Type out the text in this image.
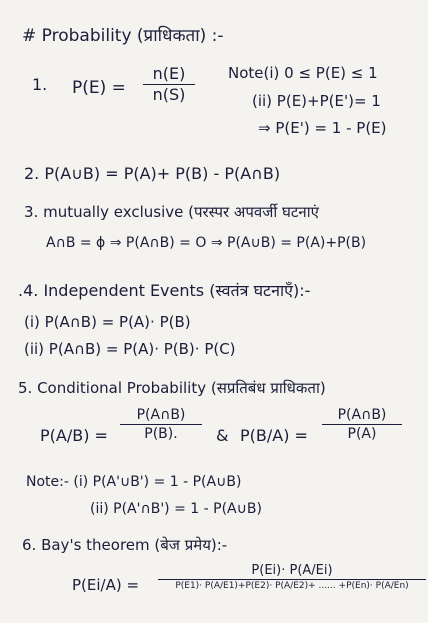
# Probability (प्राधिकता) :-
1. P(E) =
n(E)
n(S)
Note(i) 0 ≤ P(E) ≤ 1
(ii) P(E)+P(E')= 1
⇒ P(E') = 1 - P(E)
2. P(A∪B) = P(A)+ P(B) - P(A∩B)
3. mutually exclusive (परस्पर अपवर्जी घटनाएं
A∩B = ϕ ⇒ P(A∩B) = O ⇒ P(A∪B) = P(A)+P(B)
.4. Independent Events (स्वतंत्र घटनाएँ):-
(i) P(A∩B) = P(A)· P(B)
(ii) P(A∩B) = P(A)· P(B)· P(C)
5. Conditional Probability (सप्रतिबंध प्राधिकता)
P(A/B) =
P(A∩B)
P(B).	& P(B/A) =
P(A∩B)
P(A)
Note:- (i) P(A'∪B') = 1 - P(A∪B)
(ii) P(A'∩B') = 1 - P(A∪B)
6. Bay's theorem (बेज प्रमेय):-
P(Ei/A) =
P(Ei)· P(A/Ei)
P(E1)· P(A/E1)+P(E2)· P(A/E2)+ ...... +P(En)· P(A/En)
